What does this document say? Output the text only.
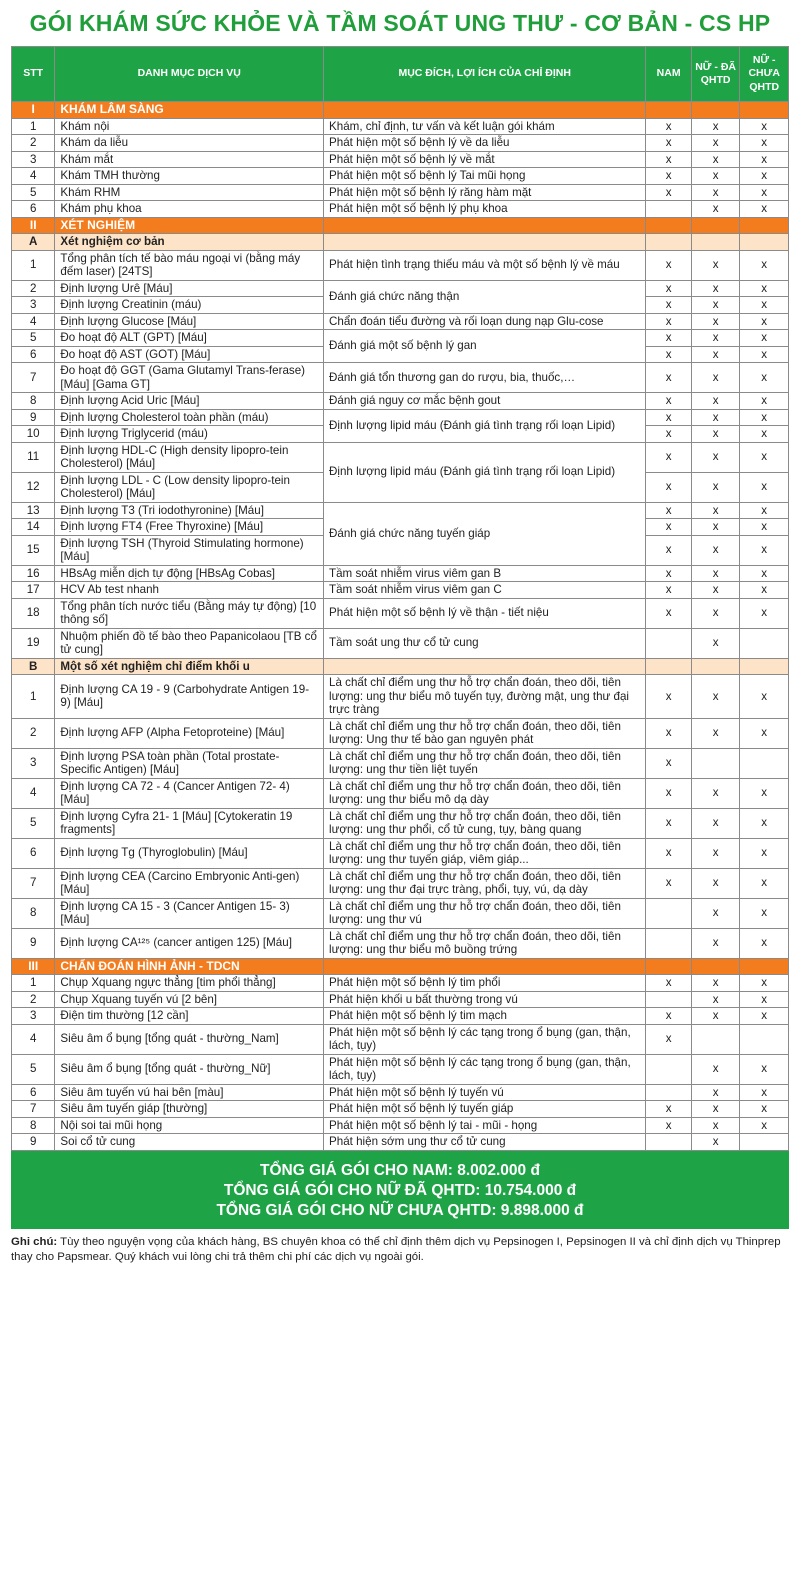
GÓI KHÁM SỨC KHỎE VÀ TẦM SOÁT UNG THƯ - CƠ BẢN - CS HP
STT	DANH MỤC DỊCH VỤ	MỤC ĐÍCH, LỢI ÍCH CỦA CHỈ ĐỊNH	NAM	NỮ - ĐÃ QHTD	NỮ - CHƯA QHTD
I	KHÁM LÂM SÀNG				
1	Khám nội	Khám, chỉ định, tư vấn và kết luận gói khám	x	x	x
2	Khám da liễu	Phát hiện một số bệnh lý về da liễu	x	x	x
3	Khám mắt	Phát hiện một số bệnh lý về mắt	x	x	x
4	Khám TMH thường	Phát hiện một số bệnh lý Tai mũi họng	x	x	x
5	Khám RHM	Phát hiện một số bệnh lý răng hàm mặt	x	x	x
6	Khám phụ khoa	Phát hiện một số bệnh lý phụ khoa		x	x
II	XÉT NGHIỆM				
A	Xét nghiệm cơ bản				
1	Tổng phân tích tế bào máu ngoại vi (bằng máy đếm laser) [24TS]	Phát hiện tình trạng thiếu máu và một số bệnh lý về máu	x	x	x
2	Định lượng Urê [Máu]	Đánh giá chức năng thận	x	x	x
3	Định lượng Creatinin (máu)		x	x	x
4	Định lượng Glucose [Máu]	Chẩn đoán tiểu đường và rối loạn dung nạp Glu-cose	x	x	x
5	Đo hoạt độ ALT (GPT) [Máu]	Đánh giá một số bệnh lý gan	x	x	x
6	Đo hoạt độ AST (GOT) [Máu]		x	x	x
7	Đo hoạt độ GGT (Gama Glutamyl Trans-ferase) [Máu] [Gama GT]	Đánh giá tổn thương gan do rượu, bia, thuốc,…	x	x	x
8	Định lượng Acid Uric [Máu]	Đánh giá nguy cơ mắc bệnh gout	x	x	x
9	Định lượng Cholesterol toàn phần (máu)	Định lượng lipid máu (Đánh giá tình trạng rối loạn Lipid)	x	x	x
10	Định lượng Triglycerid (máu)		x	x	x
11	Định lượng HDL-C (High density lipopro-tein Cholesterol) [Máu]	Định lượng lipid máu (Đánh giá tình trạng rối loạn Lipid)	x	x	x
12	Định lượng LDL - C (Low density lipopro-tein Cholesterol) [Máu]		x	x	x
13	Định lượng T3 (Tri iodothyronine) [Máu]	Đánh giá chức năng tuyến giáp	x	x	x
14	Định lượng FT4 (Free Thyroxine) [Máu]		x	x	x
15	Định lượng TSH (Thyroid Stimulating hormone) [Máu]		x	x	x
16	HBsAg miễn dịch tự động [HBsAg Cobas]	Tầm soát nhiễm virus viêm gan B	x	x	x
17	HCV Ab test nhanh	Tầm soát nhiễm virus viêm gan C	x	x	x
18	Tổng phân tích nước tiểu (Bằng máy tự động) [10 thông số]	Phát hiện một số bệnh lý về thận - tiết niệu	x	x	x
19	Nhuộm phiến đồ tế bào theo Papanicolaou [TB cổ tử cung]	Tầm soát ung thư cổ tử cung		x	
B	Một số xét nghiệm chỉ điểm khối u				
1	Định lượng CA 19 - 9 (Carbohydrate Antigen 19-9) [Máu]	Là chất chỉ điểm ung thư hỗ trợ chẩn đoán, theo dõi, tiên lượng: ung thư biểu mô tuyến tụy, đường mật, ung thư đại trực tràng	x	x	x
2	Định lượng AFP (Alpha Fetoproteine) [Máu]	Là chất chỉ điểm ung thư hỗ trợ chẩn đoán, theo dõi, tiên lượng: Ung thư tế bào gan nguyên phát	x	x	x
3	Định lượng PSA toàn phần (Total prostate-Specific Antigen) [Máu]	Là chất chỉ điểm ung thư hỗ trợ chẩn đoán, theo dõi, tiên lượng: ung thư tiền liệt tuyến	x		
4	Định lượng CA 72 - 4 (Cancer Antigen 72- 4) [Máu]	Là chất chỉ điểm ung thư hỗ trợ chẩn đoán, theo dõi, tiên lượng: ung thư biểu mô dạ dày	x	x	x
5	Định lượng Cyfra 21- 1 [Máu] [Cytokeratin 19 fragments]	Là chất chỉ điểm ung thư hỗ trợ chẩn đoán, theo dõi, tiên lượng: ung thư phổi, cổ tử cung, tụy, bàng quang	x	x	x
6	Định lượng Tg (Thyroglobulin) [Máu]	Là chất chỉ điểm ung thư hỗ trợ chẩn đoán, theo dõi, tiên lượng: ung thư tuyến giáp, viêm giáp...	x	x	x
7	Định lượng CEA (Carcino Embryonic Anti-gen) [Máu]	Là chất chỉ điểm ung thư hỗ trợ chẩn đoán, theo dõi, tiên lượng: ung thư đại trực tràng, phổi, tụy, vú, dạ dày	x	x	x
8	Định lượng CA 15 - 3 (Cancer Antigen 15- 3) [Máu]	Là chất chỉ điểm ung thư hỗ trợ chẩn đoán, theo dõi, tiên lượng: ung thư vú		x	x
9	Định lượng CA¹²⁵ (cancer antigen 125) [Máu]	Là chất chỉ điểm ung thư hỗ trợ chẩn đoán, theo dõi, tiên lượng: ung thư biểu mô buồng trứng		x	x
III	CHẨN ĐOÁN HÌNH ẢNH - TDCN				
1	Chụp Xquang ngực thẳng [tim phổi thẳng]	Phát hiện một số bệnh lý tim phổi	x	x	x
2	Chụp Xquang tuyến vú [2 bên]	Phát hiện khối u bất thường trong vú		x	x
3	Điện tim thường [12 cần]	Phát hiện một số bệnh lý tim mạch	x	x	x
4	Siêu âm ổ bụng [tổng quát - thường_Nam]	Phát hiện một số bệnh lý các tạng trong ổ bụng (gan, thận, lách, tụy)	x		
5	Siêu âm ổ bụng [tổng quát - thường_Nữ]	Phát hiện một số bệnh lý các tạng trong ổ bụng (gan, thận, lách, tụy)		x	x
6	Siêu âm tuyến vú hai bên [màu]	Phát hiện một số bệnh lý tuyến vú		x	x
7	Siêu âm tuyến giáp [thường]	Phát hiện một số bệnh lý tuyến giáp	x	x	x
8	Nội soi tai mũi họng	Phát hiện một số bệnh lý tai - mũi - họng	x	x	x
9	Soi cổ tử cung	Phát hiện sớm ung thư cổ tử cung		x	
TỔNG GIÁ GÓI CHO NAM: 8.002.000 đ
TỔNG GIÁ GÓI CHO NỮ ĐÃ QHTD: 10.754.000 đ
TỔNG GIÁ GÓI CHO NỮ CHƯA QHTD: 9.898.000 đ
Ghi chú: Tùy theo nguyện vọng của khách hàng, BS chuyên khoa có thể chỉ định thêm dịch vụ Pepsinogen I, Pepsinogen II và chỉ định dịch vụ Thinprep thay cho Papsmear. Quý khách vui lòng chi trả thêm chi phí các dịch vụ ngoài gói.
